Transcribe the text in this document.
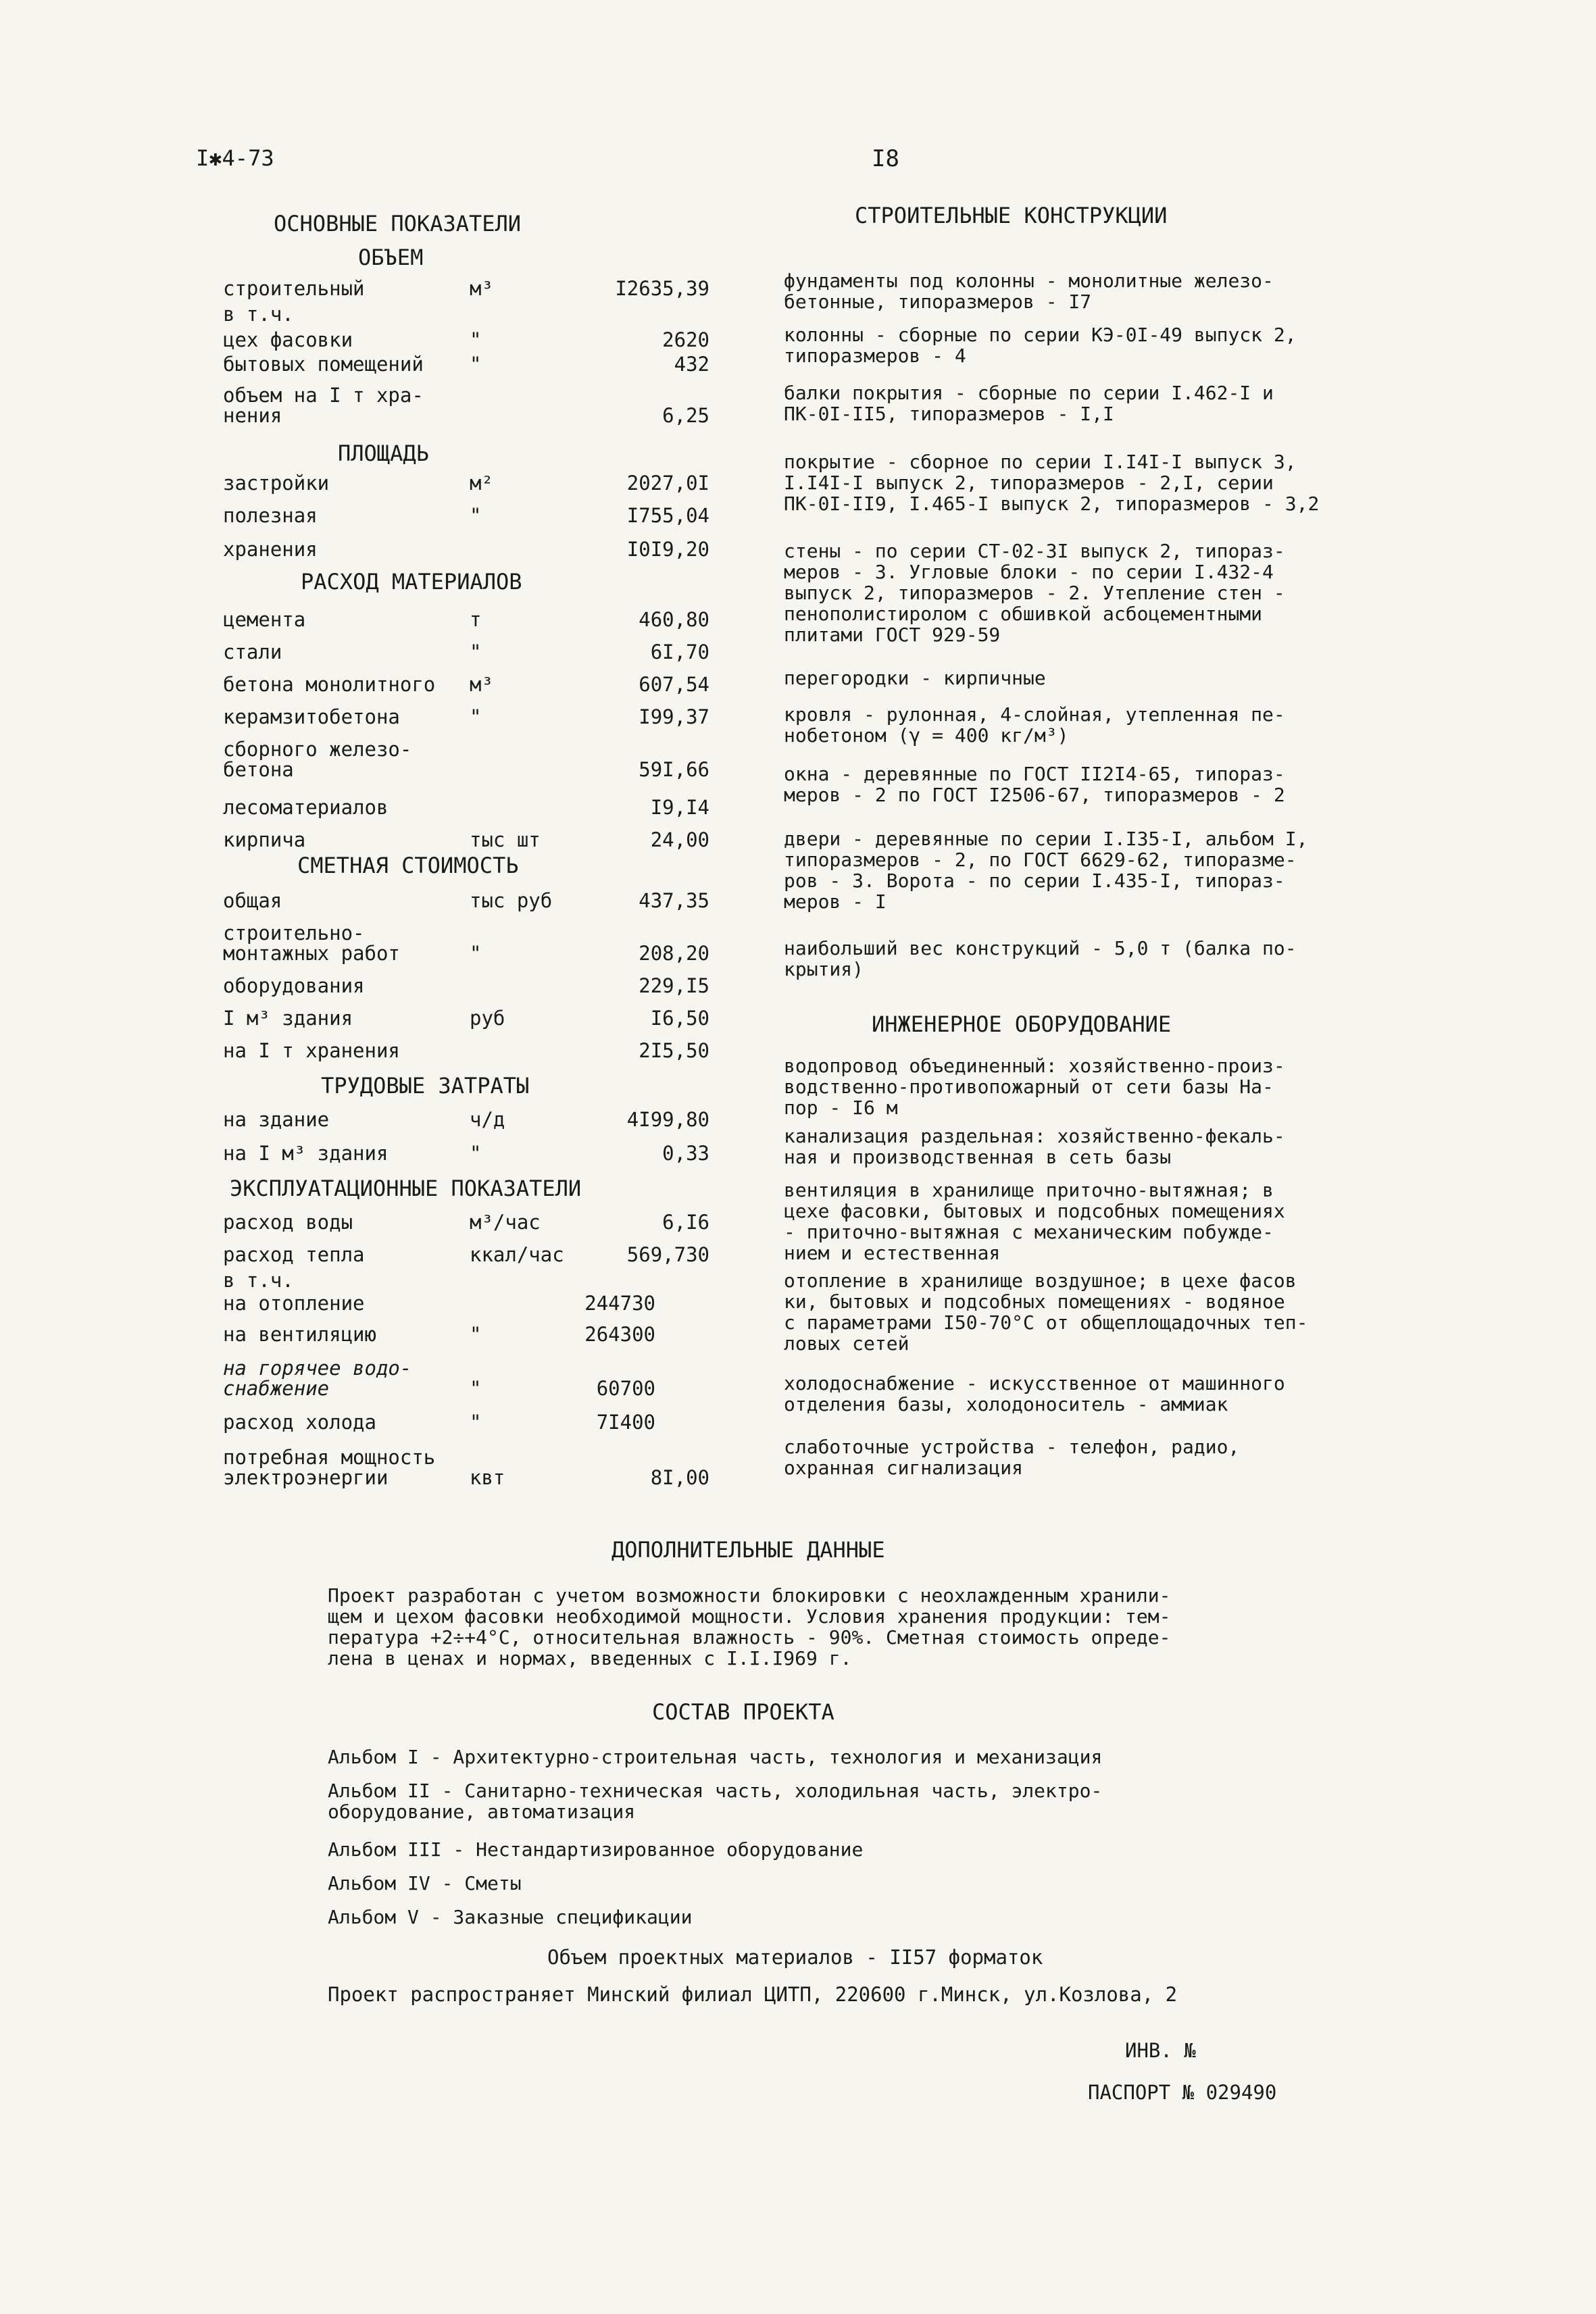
I✱4-73	I8
ОСНОВНЫЕ ПОКАЗАТЕЛИ
ОБЪЕМ
строительный	м³	I2635,39
в т.ч.
цех фасовки	"	2620
бытовых помещений "	432
объем на I т хра-
нения	6,25
ПЛОЩАДЬ
застройки	м²	2027,0I
полезная	"	I755,04
хранения	I0I9,20
РАСХОД МАТЕРИАЛОВ
цемента	т	460,80
стали	"	6I,70
бетона монолитного м³	607,54
керамзитобетона	"	I99,37
сборного железо-
бетона	59I,66
лесоматериалов	I9,I4
кирпича	тыс шт	24,00
СМЕТНАЯ СТОИМОСТЬ
общая	тыс руб	437,35
строительно-
монтажных работ	"	208,20
оборудования	229,I5
I м³ здания	руб	I6,50
на I т хранения	2I5,50
ТРУДОВЫЕ ЗАТРАТЫ
на здание	ч/д	4I99,80
на I м³ здания	"	0,33
ЭКСПЛУАТАЦИОННЫЕ ПОКАЗАТЕЛИ
расход воды	м³/час	6,I6
расход тепла	ккал/час	569,730
в т.ч.
на отопление	244730
на вентиляцию	"	264300
на горячее водо-
снабжение	"	60700
расход холода	"	7I400
потребная мощность
электроэнергии	квт	8I,00
СТРОИТЕЛЬНЫЕ КОНСТРУКЦИИ
фундаменты под колонны - монолитные железо-
бетонные, типоразмеров - I7
колонны - сборные по серии КЭ-0I-49 выпуск 2,
типоразмеров - 4
балки покрытия - сборные по серии I.462-I и
ПК-0I-II5, типоразмеров - I,I
покрытие - сборное по серии I.I4I-I выпуск 3,
I.I4I-I выпуск 2, типоразмеров - 2,I, серии
ПК-0I-II9, I.465-I выпуск 2, типоразмеров - 3,2
стены - по серии СТ-02-3I выпуск 2, типораз-
меров - 3. Угловые блоки - по серии I.432-4
выпуск 2, типоразмеров - 2. Утепление стен -
пенополистиролом с обшивкой асбоцементными
плитами ГОСТ 929-59
перегородки - кирпичные
кровля - рулонная, 4-слойная, утепленная пе-
нобетоном (γ = 400 кг/м³)
окна - деревянные по ГОСТ II2I4-65, типораз-
меров - 2 по ГОСТ I2506-67, типоразмеров - 2
двери - деревянные по серии I.I35-I, альбом I,
типоразмеров - 2, по ГОСТ 6629-62, типоразме-
ров - 3. Ворота - по серии I.435-I, типораз-
меров - I
наибольший вес конструкций - 5,0 т (балка по-
крытия)
ИНЖЕНЕРНОЕ ОБОРУДОВАНИЕ
водопровод объединенный: хозяйственно-произ-
водственно-противопожарный от сети базы На-
пор - I6 м
канализация раздельная: хозяйственно-фекаль-
ная и производственная в сеть базы
вентиляция в хранилище приточно-вытяжная; в
цехе фасовки, бытовых и подсобных помещениях
- приточно-вытяжная с механическим побужде-
нием и естественная
отопление в хранилище воздушное; в цехе фасов
ки, бытовых и подсобных помещениях - водяное
с параметрами I50-70°C от общеплощадочных теп-
ловых сетей
холодоснабжение - искусственное от машинного
отделения базы, холодоноситель - аммиак
слаботочные устройства - телефон, радио,
охранная сигнализация
ДОПОЛНИТЕЛЬНЫЕ ДАННЫЕ
Проект разработан с учетом возможности блокировки с неохлажденным хранили-
щем и цехом фасовки необходимой мощности. Условия хранения продукции: тем-
пература +2÷+4°C, относительная влажность - 90%. Сметная стоимость опреде-
лена в ценах и нормах, введенных с I.I.I969 г.
СОСТАВ ПРОЕКТА
Альбом I - Архитектурно-строительная часть, технология и механизация
Альбом II - Санитарно-техническая часть, холодильная часть, электро-
оборудование, автоматизация
Альбом III - Нестандартизированное оборудование
Альбом IV - Сметы
Альбом V - Заказные спецификации
Объем проектных материалов - II57 форматок
Проект распространяет Минский филиал ЦИТП, 220600 г.Минск, ул.Козлова, 2
ИНВ. №
ПАСПОРТ № 029490
